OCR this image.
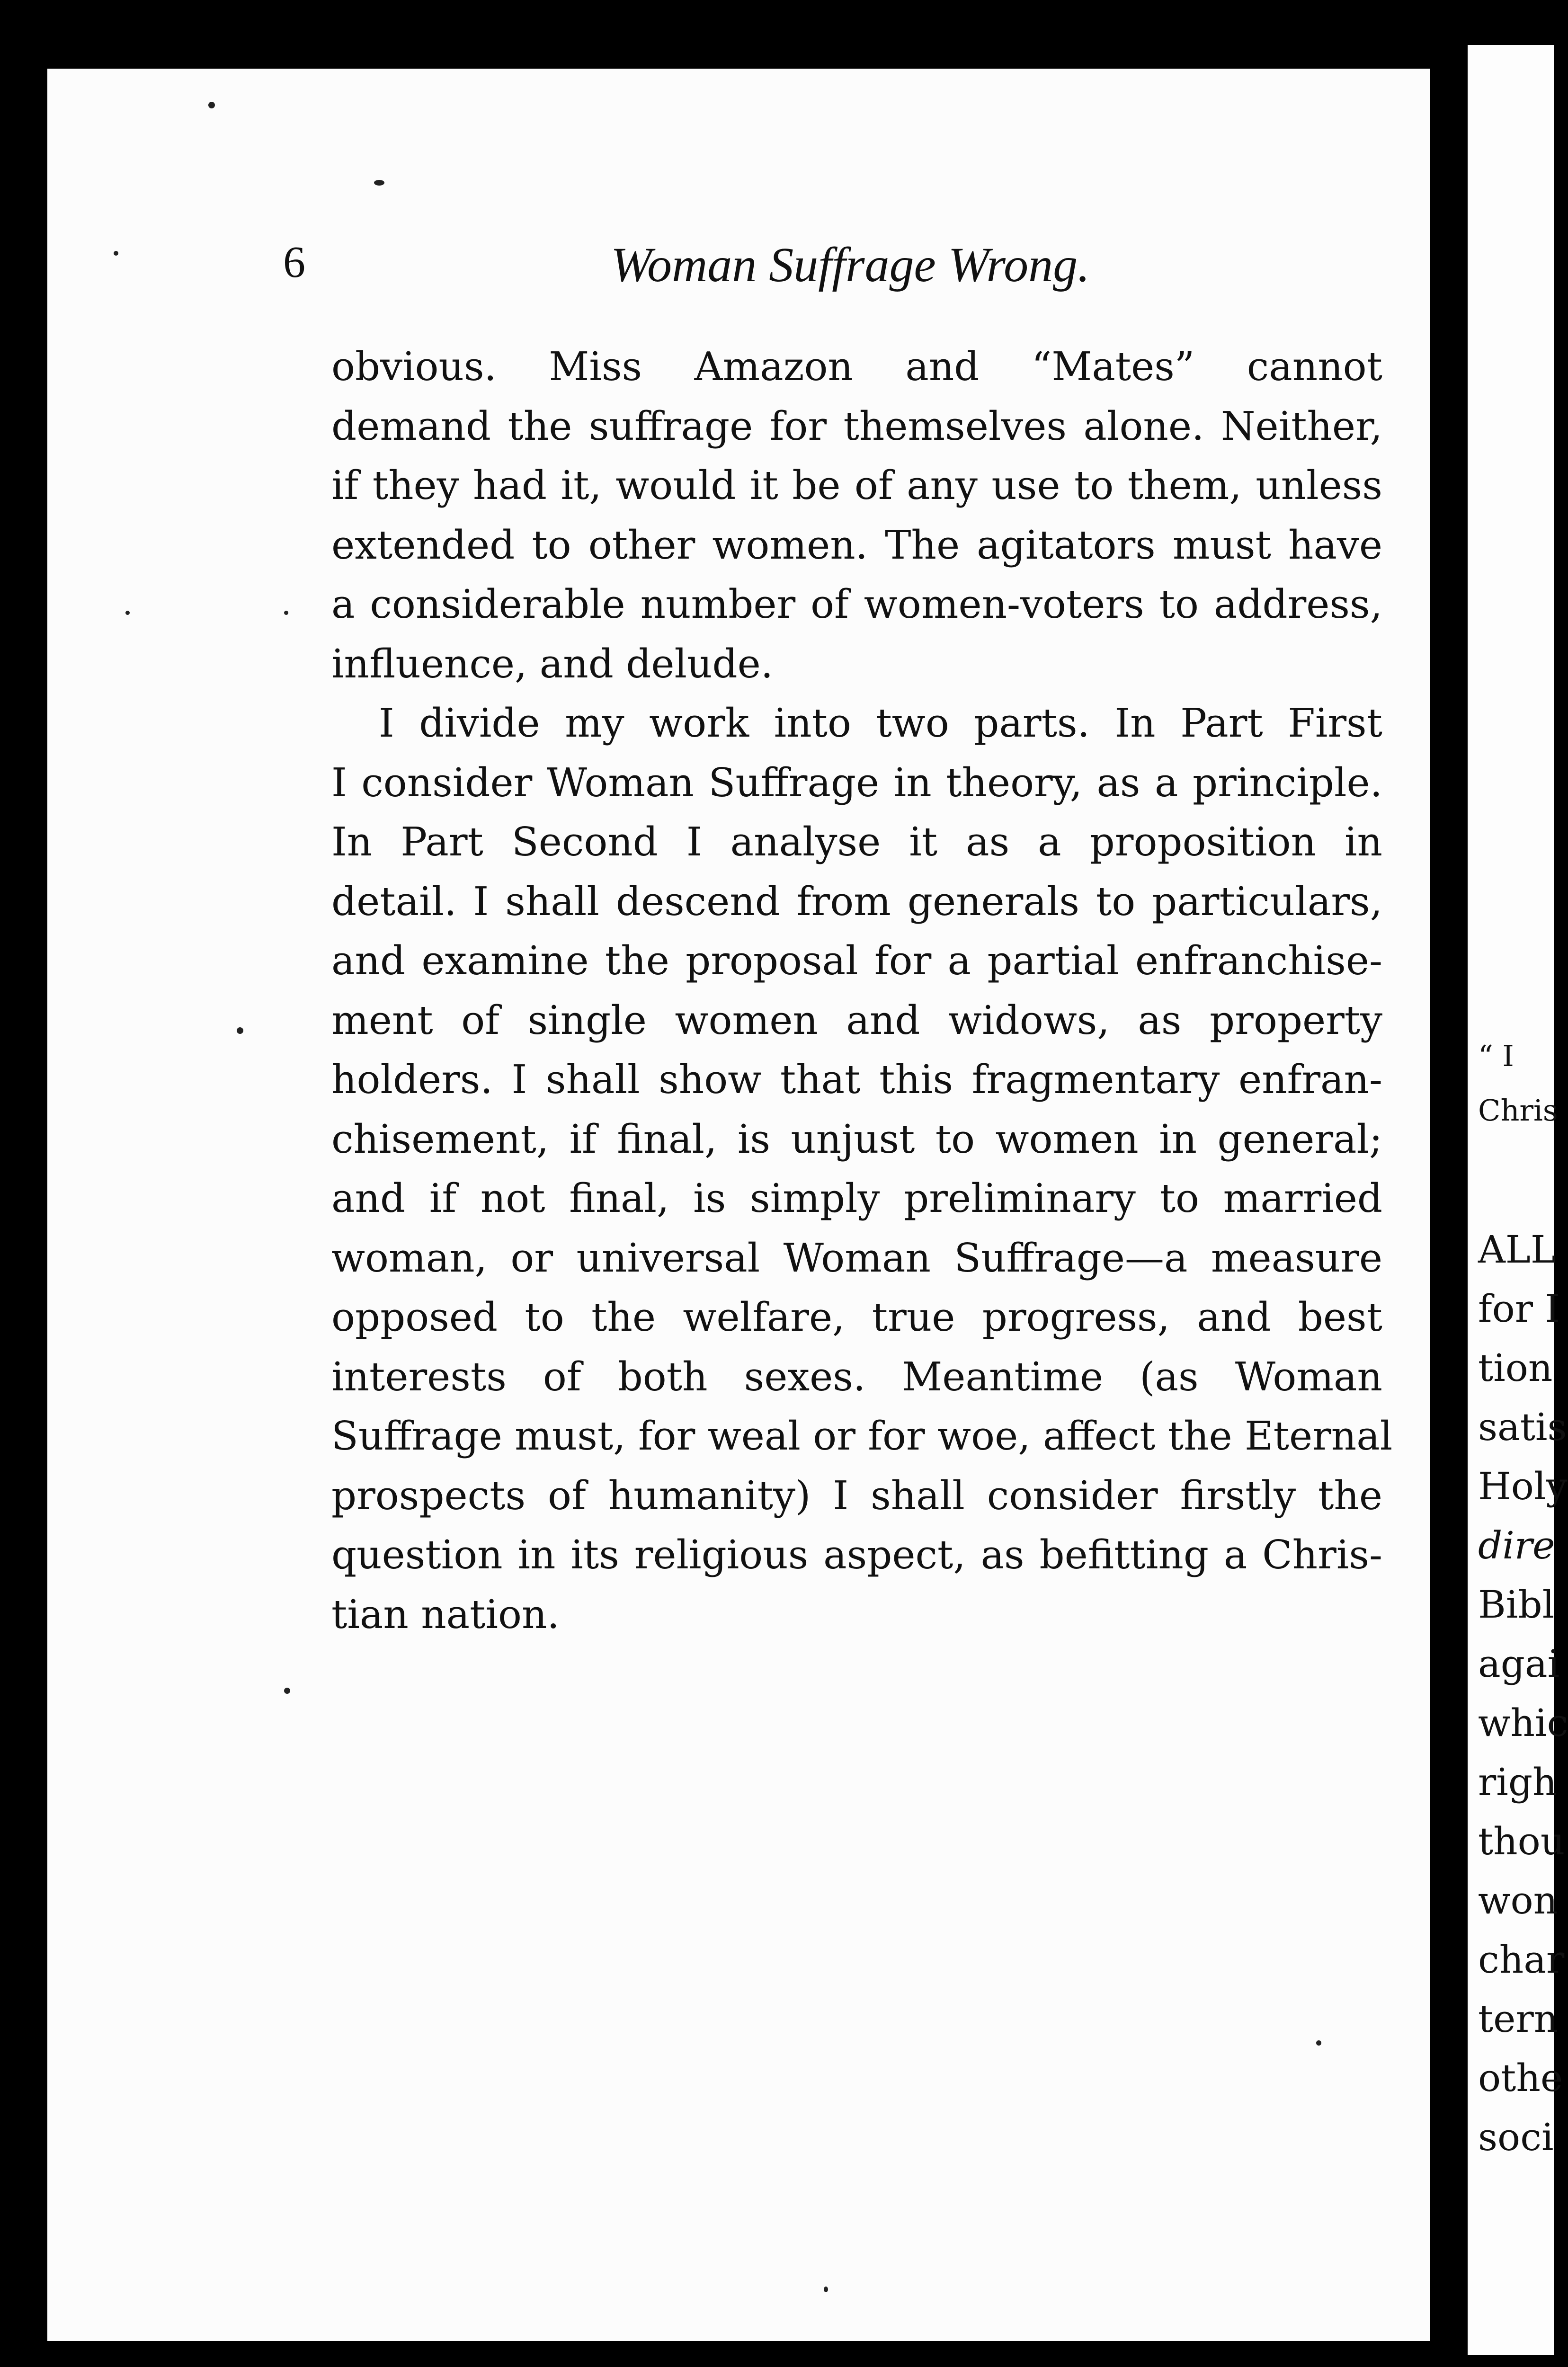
6	Woman Suffrage Wrong.

obvious. Miss Amazon and “Mates” cannot
demand the suffrage for themselves alone. Neither,
if they had it, would it be of any use to them, unless
extended to other women. The agitators must have
a considerable number of women-voters to address,
influence, and delude.
I divide my work into two parts. In Part First
I consider Woman Suffrage in theory, as a principle.
In Part Second I analyse it as a proposition in
detail. I shall descend from generals to particulars,
and examine the proposal for a partial enfranchise-
ment of single women and widows, as property
holders. I shall show that this fragmentary enfran-
chisement, if final, is unjust to women in general;
and if not final, is simply preliminary to married
woman, or universal Woman Suffrage—a measure
opposed to the welfare, true progress, and best
interests of both sexes. Meantime (as Woman
Suffrage must, for weal or for woe, affect the Eternal
prospects of humanity) I shall consider firstly the
question in its religious aspect, as befitting a Chris-
tian nation.

“ I

Chris

ALL

for I

tion

satis

Holy

dire

Bibl

agai

whic

righ

thou

won

char

tern

othe

soci
